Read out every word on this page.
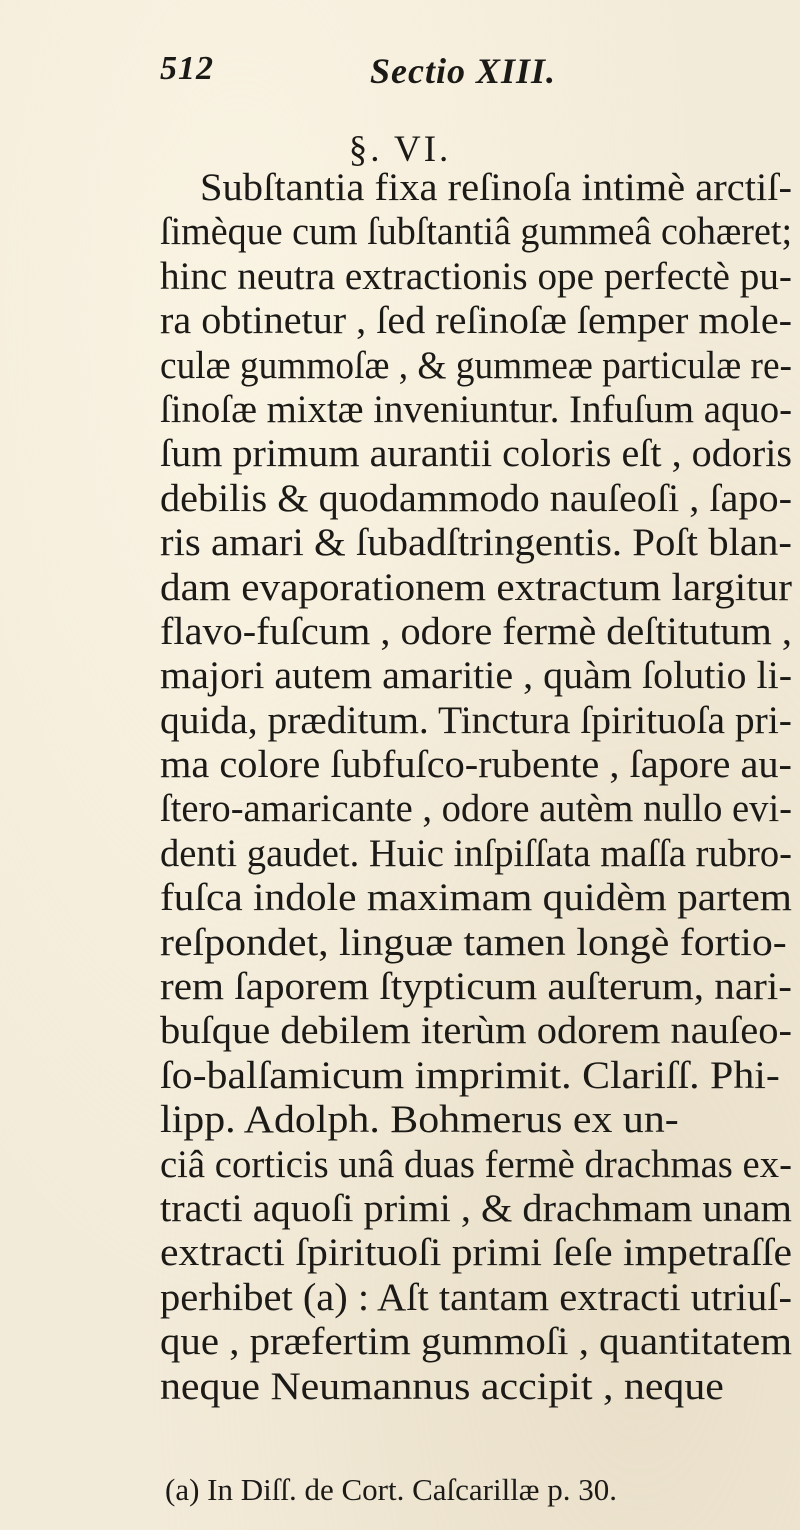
512	Sectio XIII.
§. VI.
Subſtantia fixa reſinoſa intimè arctiſ-
ſimèque cum ſubſtantiâ gummeâ cohæret;
hinc neutra extractionis ope perfectè pu-
ra obtinetur , ſed reſinoſæ ſemper mole-
culæ gummoſæ , & gummeæ particulæ re-
ſinoſæ mixtæ inveniuntur. Infuſum aquo-
ſum primum aurantii coloris eſt , odoris
debilis & quodammodo nauſeoſi , ſapo-
ris amari & ſubadſtringentis. Poſt blan-
dam evaporationem extractum largitur
flavo-fuſcum , odore fermè deſtitutum ,
majori autem amaritie , quàm ſolutio li-
quida, præditum. Tinctura ſpirituoſa pri-
ma colore ſubfuſco-rubente , ſapore au-
ſtero-amaricante , odore autèm nullo evi-
denti gaudet. Huic inſpiſſata maſſa rubro-
fuſca indole maximam quidèm partem
reſpondet, linguæ tamen longè fortio-
rem ſaporem ſtypticum auſterum, nari-
buſque debilem iterùm odorem nauſeo-
ſo-balſamicum imprimit. Clariſſ. Phi-
lipp. Adolph. Bohmerus ex un-
ciâ corticis unâ duas fermè drachmas ex-
tracti aquoſi primi , & drachmam unam
extracti ſpirituoſi primi ſeſe impetraſſe
perhibet (a) : Aſt tantam extracti utriuſ-
que , præfertim gummoſi , quantitatem
neque Neumannus accipit , neque
(a) In Diſſ. de Cort. Caſcarillæ p. 30.
